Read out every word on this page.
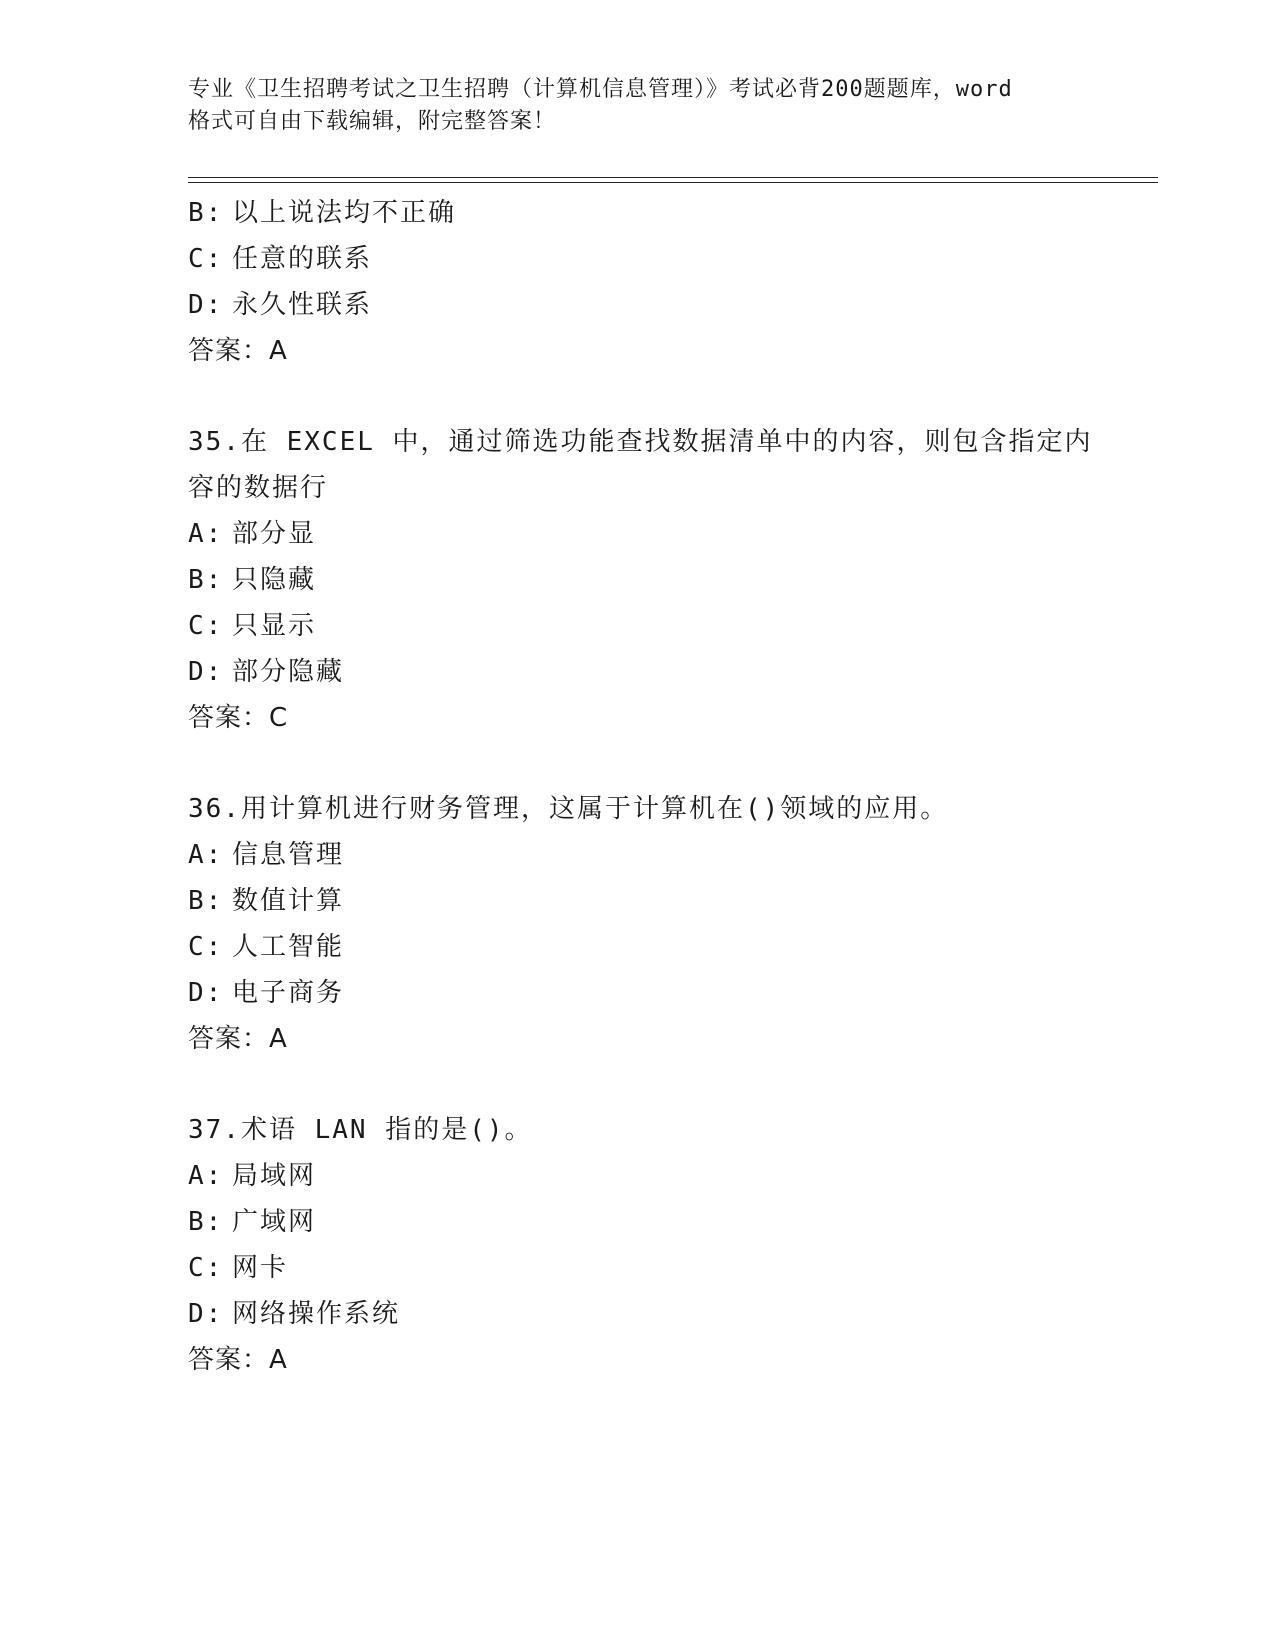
专业《卫生招聘考试之卫生招聘（计算机信息管理）》考试必背200题题库，word
格式可自由下载编辑，附完整答案！
B: 以上说法均不正确
C: 任意的联系
D: 永久性联系
答案：A
35.在 EXCEL 中，通过筛选功能查找数据清单中的内容，则包含指定内
容的数据行
A: 部分显
B: 只隐藏
C: 只显示
D: 部分隐藏
答案：C
36.用计算机进行财务管理，这属于计算机在()领域的应用。
A: 信息管理
B: 数值计算
C: 人工智能
D: 电子商务
答案：A
37.术语 LAN 指的是()。
A: 局域网
B: 广域网
C: 网卡
D: 网络操作系统
答案：A
